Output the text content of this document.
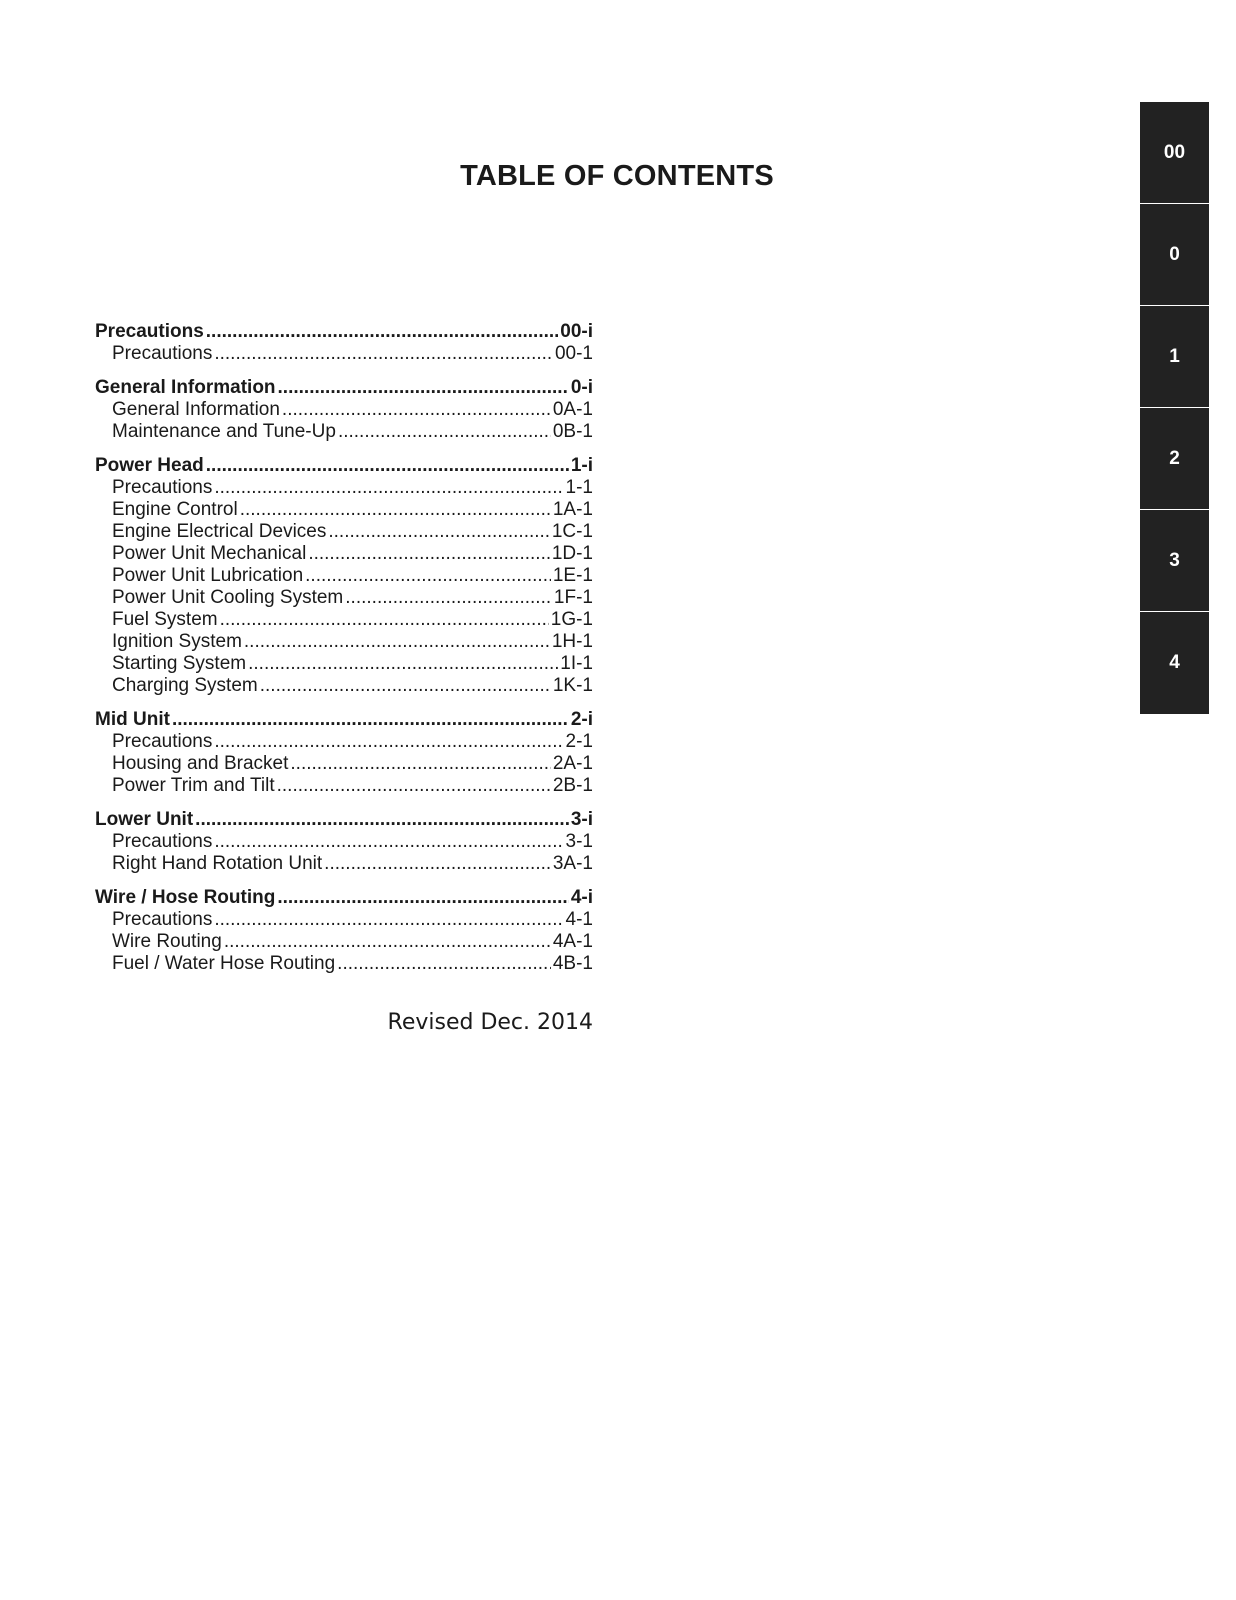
TABLE OF CONTENTS
Precautions .....	00-i
Precautions .....	00-1
General Information .....	0-i
General Information .....	0A-1
Maintenance and Tune-Up .....	0B-1
Power Head .....	1-i
Precautions .....	1-1
Engine Control .....	1A-1
Engine Electrical Devices .....	1C-1
Power Unit Mechanical .....	1D-1
Power Unit Lubrication .....	1E-1
Power Unit Cooling System .....	1F-1
Fuel System .....	1G-1
Ignition System .....	1H-1
Starting System .....	1I-1
Charging System .....	1K-1
Mid Unit .....	2-i
Precautions .....	2-1
Housing and Bracket .....	2A-1
Power Trim and Tilt .....	2B-1
Lower Unit .....	3-i
Precautions .....	3-1
Right Hand Rotation Unit .....	3A-1
Wire / Hose Routing .....	4-i
Precautions .....	4-1
Wire Routing .....	4A-1
Fuel / Water Hose Routing .....	4B-1
Revised Dec. 2014
00
0
1
2
3
4
